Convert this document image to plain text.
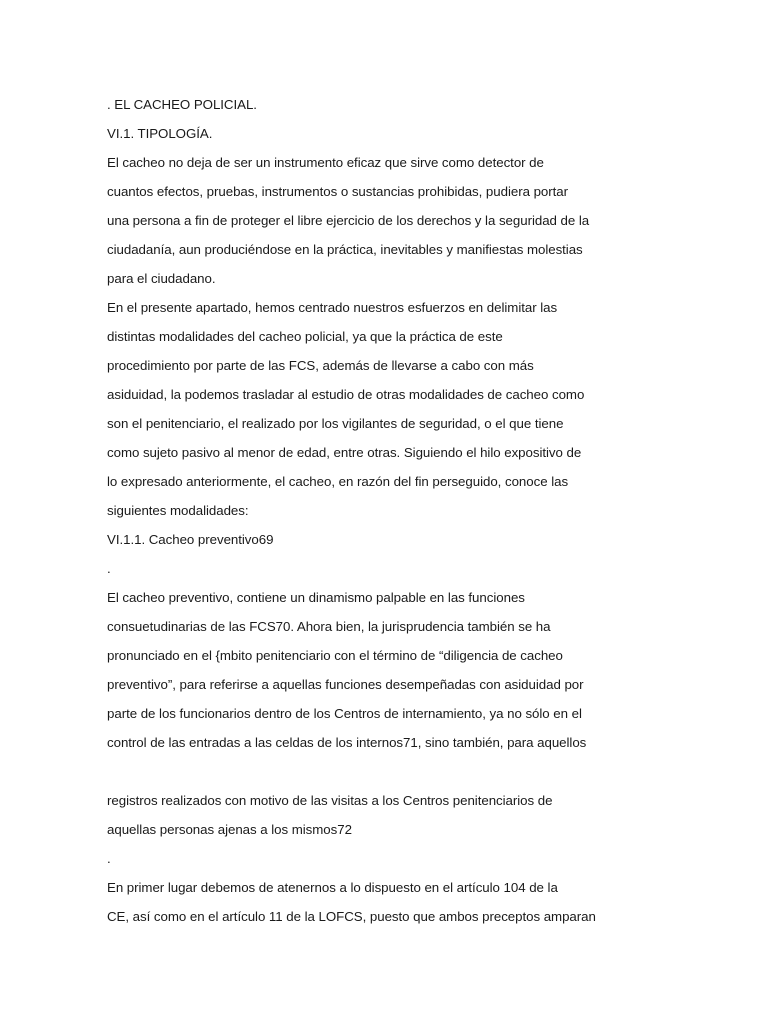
. EL CACHEO POLICIAL.
VI.1. TIPOLOGÍA.
El cacheo no deja de ser un instrumento eficaz que sirve como detector de
cuantos efectos, pruebas, instrumentos o sustancias prohibidas, pudiera portar
una persona a fin de proteger el libre ejercicio de los derechos y la seguridad de la
ciudadanía, aun produciéndose en la práctica, inevitables y manifiestas molestias
para el ciudadano.
En el presente apartado, hemos centrado nuestros esfuerzos en delimitar las
distintas modalidades del cacheo policial, ya que la práctica de este
procedimiento por parte de las FCS, además de llevarse a cabo con más
asiduidad, la podemos trasladar al estudio de otras modalidades de cacheo como
son el penitenciario, el realizado por los vigilantes de seguridad, o el que tiene
como sujeto pasivo al menor de edad, entre otras. Siguiendo el hilo expositivo de
lo expresado anteriormente, el cacheo, en razón del fin perseguido, conoce las
siguientes modalidades:
VI.1.1. Cacheo preventivo69
.
El cacheo preventivo, contiene un dinamismo palpable en las funciones
consuetudinarias de las FCS70. Ahora bien, la jurisprudencia también se ha
pronunciado en el {mbito penitenciario con el término de “diligencia de cacheo
preventivo”, para referirse a aquellas funciones desempeñadas con asiduidad por
parte de los funcionarios dentro de los Centros de internamiento, ya no sólo en el
control de las entradas a las celdas de los internos71, sino también, para aquellos
registros realizados con motivo de las visitas a los Centros penitenciarios de
aquellas personas ajenas a los mismos72
.
En primer lugar debemos de atenernos a lo dispuesto en el artículo 104 de la
CE, así como en el artículo 11 de la LOFCS, puesto que ambos preceptos amparan
